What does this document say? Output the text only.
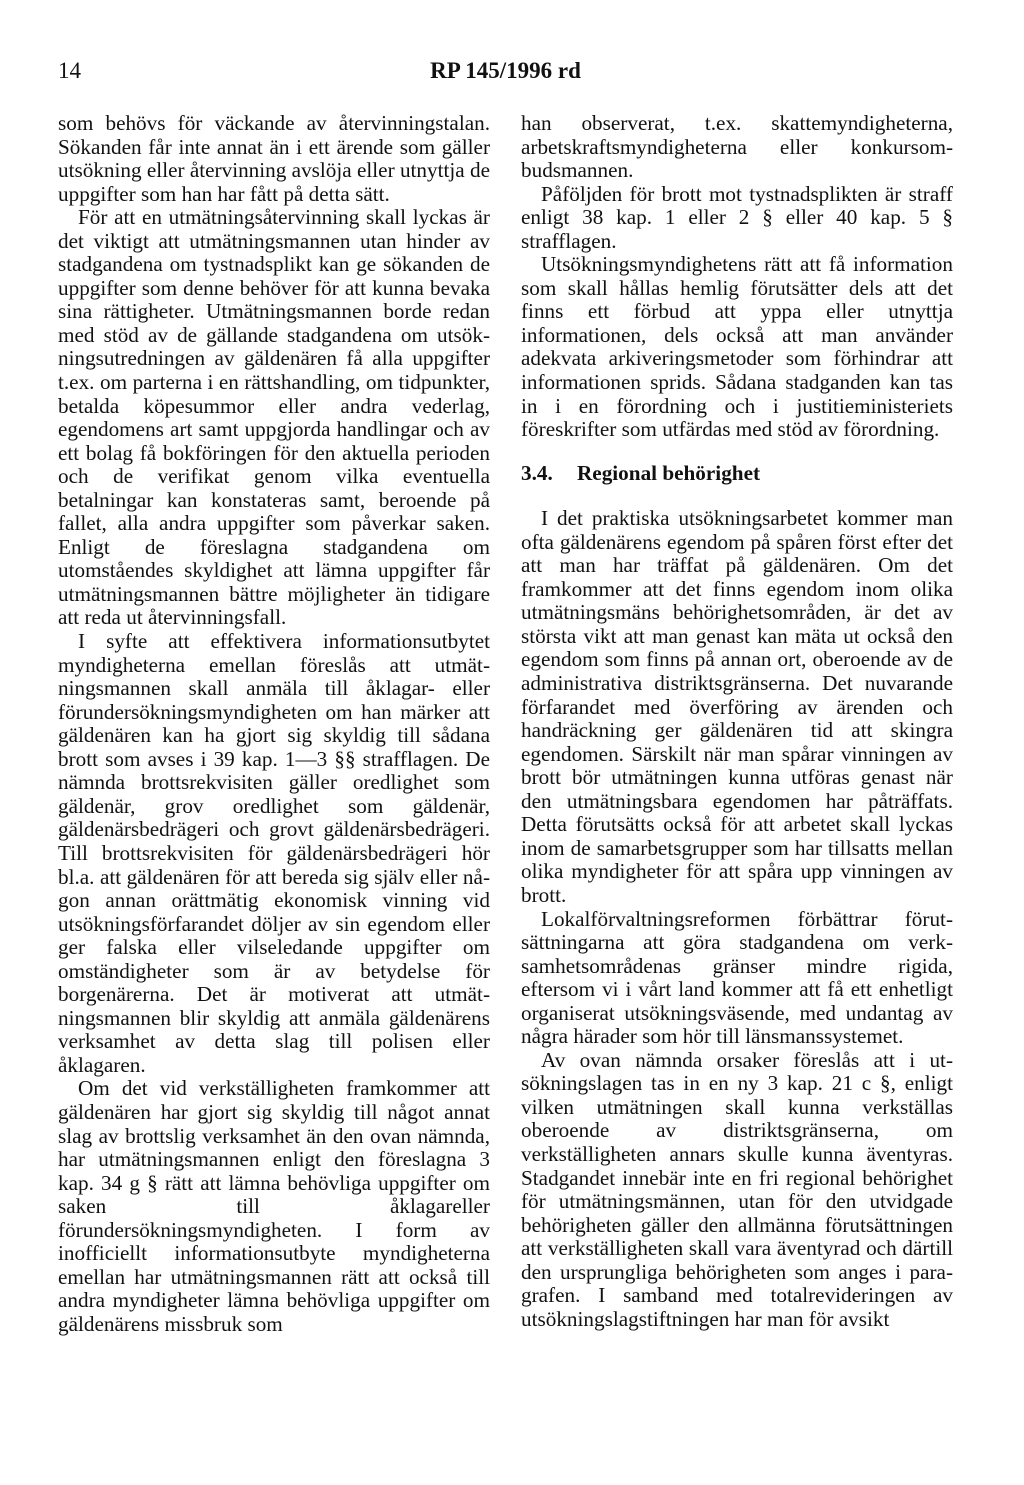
14	RP 145/1996 rd

som behövs för väckande av återvinningstalan. Sökanden får inte annat än i ett ärende som gäller utsökning eller återvinning avslöja eller utnyttja de uppgifter som han har fått på detta sätt.

För att en utmätningsåtervinning skall lyckas är det viktigt att utmätningsmannen utan hinder av stadgandena om tystnadsplikt kan ge sökanden de uppgifter som denne behöver för att kunna bevaka sina rättigheter. Utmätningsmannen borde redan med stöd av de gällande stadgandena om utsökningsutredningen av gäldenären få alla uppgifter t.ex. om parterna i en rättshandling, om tidpunkter, betalda köpesummor eller andra vederlag, egendomens art samt uppgjorda handlingar och av ett bolag få bokföringen för den aktuella perioden och de verifikat genom vilka eventuella betalningar kan konstateras samt, beroende på fallet, alla andra uppgifter som påverkar saken. Enligt de föreslagna stadgandena om utomståendes skyldighet att lämna uppgifter får utmätningsmannen bättre möjligheter än tidigare att reda ut återvinningsfall.

I syfte att effektivera informationsutbytet myndigheterna emellan föreslås att utmätningsmannen skall anmäla till åklagar- eller förundersökningsmyndigheten om han märker att gäldenären kan ha gjort sig skyldig till sådana brott som avses i 39 kap. 1—3 §§ strafflagen. De nämnda brottsrekvisiten gäller oredlighet som gäldenär, grov oredlighet som gäldenär, gäldenärsbedrägeri och grovt gäldenärsbedrägeri. Till brottsrekvisiten för gäldenärsbedrägeri hör bl.a. att gäldenären för att bereda sig själv eller någon annan orättmätig ekonomisk vinning vid utsökningsförfarandet döljer av sin egendom eller ger falska eller vilseledande uppgifter om omständigheter som är av betydelse för borgenärerna. Det är motiverat att utmätningsmannen blir skyldig att anmäla gäldenärens verksamhet av detta slag till polisen eller åklagaren.

Om det vid verkställigheten framkommer att gäldenären har gjort sig skyldig till något annat slag av brottslig verksamhet än den ovan nämnda, har utmätningsmannen enligt den föreslagna 3 kap. 34 g § rätt att lämna behövliga uppgifter om saken till åklagareller förundersökningsmyndigheten. I form av inofficiellt informationsutbyte myndigheterna emellan har utmätningsmannen rätt att också till andra myndigheter lämna behövliga uppgifter om gäldenärens missbruk som

han observerat, t.ex. skattemyndigheterna, arbetskraftsmyndigheterna eller konkursombudsmannen.

Påföljden för brott mot tystnadsplikten är straff enligt 38 kap. 1 eller 2 § eller 40 kap. 5 § strafflagen.

Utsökningsmyndighetens rätt att få information som skall hållas hemlig förutsätter dels att det finns ett förbud att yppa eller utnyttja informationen, dels också att man använder adekvata arkiveringsmetoder som förhindrar att informationen sprids. Sådana stadganden kan tas in i en förordning och i justitieministeriets föreskrifter som utfärdas med stöd av förordning.

3.4. Regional behörighet

I det praktiska utsökningsarbetet kommer man ofta gäldenärens egendom på spåren först efter det att man har träffat på gäldenären. Om det framkommer att det finns egendom inom olika utmätningsmäns behörighetsområden, är det av största vikt att man genast kan mäta ut också den egendom som finns på annan ort, oberoende av de administrativa distriktsgränserna. Det nuvarande förfarandet med överföring av ärenden och handräckning ger gäldenären tid att skingra egendomen. Särskilt när man spårar vinningen av brott bör utmätningen kunna utföras genast när den utmätningsbara egendomen har påträffats. Detta förutsätts också för att arbetet skall lyckas inom de samarbetsgrupper som har tillsatts mellan olika myndigheter för att spåra upp vinningen av brott.

Lokalförvaltningsreformen förbättrar förutsättningarna att göra stadgandena om verksamhetsområdenas gränser mindre rigida, eftersom vi i vårt land kommer att få ett enhetligt organiserat utsökningsväsende, med undantag av några härader som hör till länsmanssystemet.

Av ovan nämnda orsaker föreslås att i utsökningslagen tas in en ny 3 kap. 21 c §, enligt vilken utmätningen skall kunna verkställas oberoende av distriktsgränserna, om verkställigheten annars skulle kunna äventyras. Stadgandet innebär inte en fri regional behörighet för utmätningsmännen, utan för den utvidgade behörigheten gäller den allmänna förutsättningen att verkställigheten skall vara äventyrad och därtill den ursprungliga behörigheten som anges i paragrafen. I samband med totalrevideringen av utsökningslagstiftningen har man för avsikt
